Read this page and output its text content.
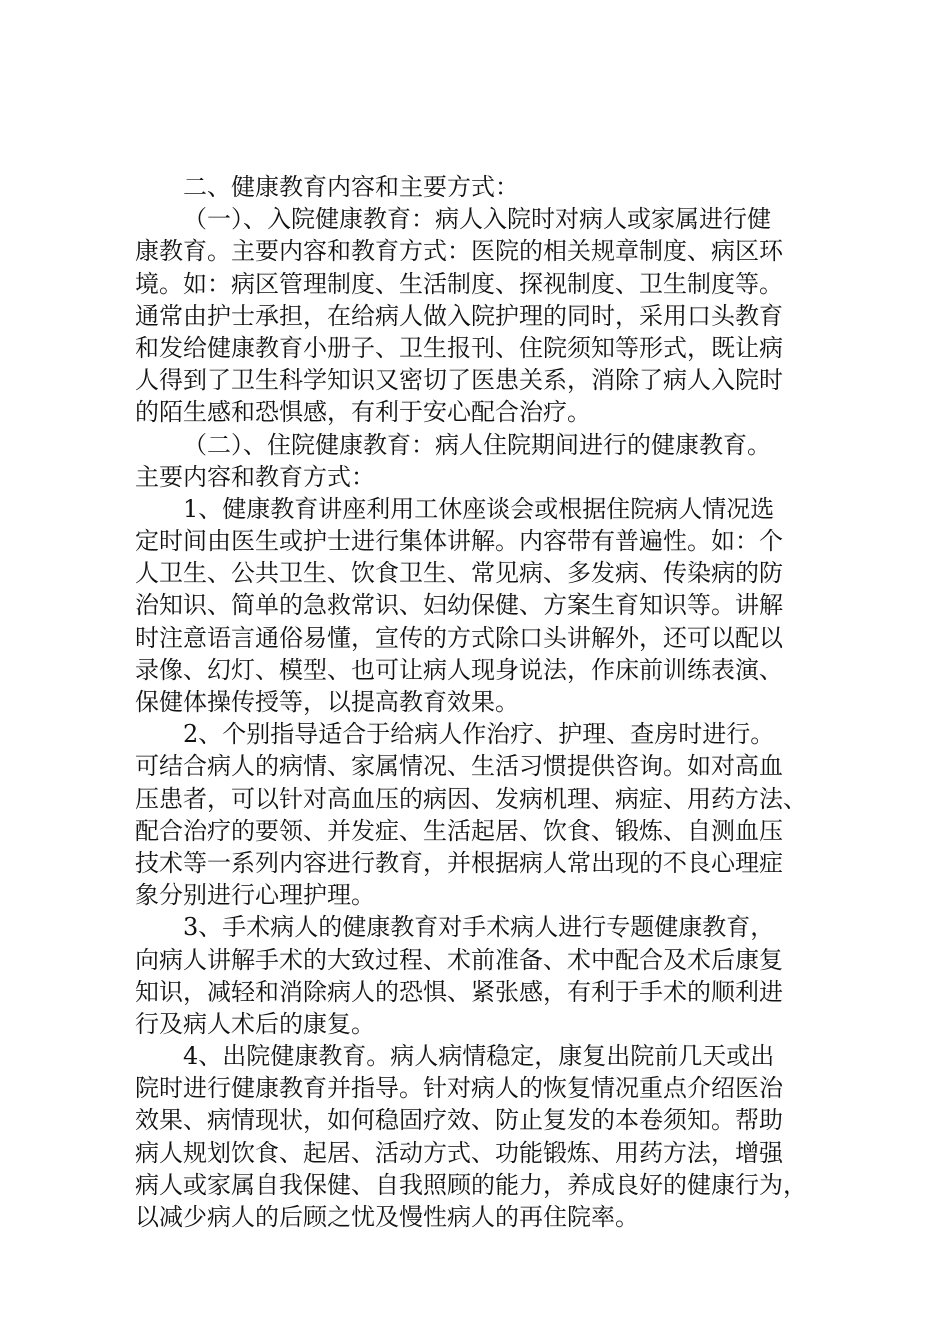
二、健康教育内容和主要方式：
（一）、入院健康教育：病人入院时对病人或家属进行健
康教育。主要内容和教育方式：医院的相关规章制度、病区环
境。如：病区管理制度、生活制度、探视制度、卫生制度等。
通常由护士承担，在给病人做入院护理的同时，采用口头教育
和发给健康教育小册子、卫生报刊、住院须知等形式，既让病
人得到了卫生科学知识又密切了医患关系，消除了病人入院时
的陌生感和恐惧感，有利于安心配合治疗。
（二）、住院健康教育：病人住院期间进行的健康教育。
主要内容和教育方式：
1、健康教育讲座利用工休座谈会或根据住院病人情况选
定时间由医生或护士进行集体讲解。内容带有普遍性。如：个
人卫生、公共卫生、饮食卫生、常见病、多发病、传染病的防
治知识、简单的急救常识、妇幼保健、方案生育知识等。讲解
时注意语言通俗易懂，宣传的方式除口头讲解外，还可以配以
录像、幻灯、模型、也可让病人现身说法，作床前训练表演、
保健体操传授等，以提高教育效果。
2、个别指导适合于给病人作治疗、护理、查房时进行。
可结合病人的病情、家属情况、生活习惯提供咨询。如对高血
压患者，可以针对高血压的病因、发病机理、病症、用药方法、
配合治疗的要领、并发症、生活起居、饮食、锻炼、自测血压
技术等一系列内容进行教育，并根据病人常出现的不良心理症
象分别进行心理护理。
3、手术病人的健康教育对手术病人进行专题健康教育，
向病人讲解手术的大致过程、术前准备、术中配合及术后康复
知识，减轻和消除病人的恐惧、紧张感，有利于手术的顺利进
行及病人术后的康复。
4、出院健康教育。病人病情稳定，康复出院前几天或出
院时进行健康教育并指导。针对病人的恢复情况重点介绍医治
效果、病情现状，如何稳固疗效、防止复发的本卷须知。帮助
病人规划饮食、起居、活动方式、功能锻炼、用药方法，增强
病人或家属自我保健、自我照顾的能力，养成良好的健康行为，
以减少病人的后顾之忧及慢性病人的再住院率。
